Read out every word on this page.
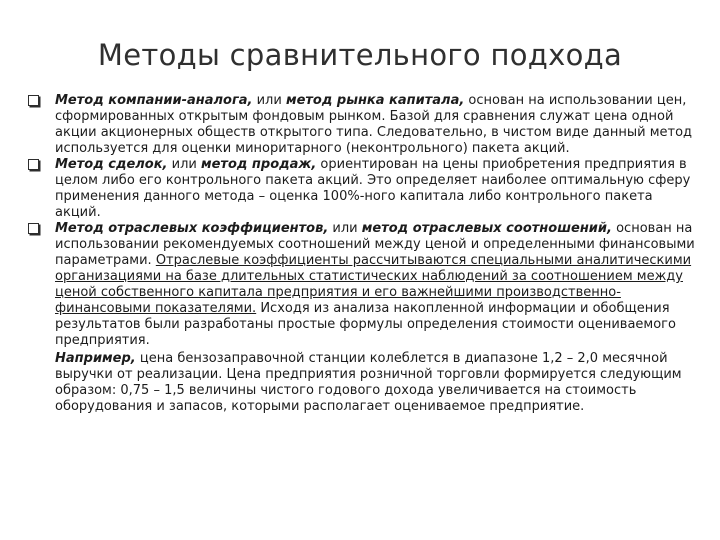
Методы сравнительного подхода
Метод компании-аналога, или метод рынка капитала, основан на использовании цен, сформированных открытым фондовым рынком. Базой для сравнения служат цена одной акции акционерных обществ открытого типа. Следовательно, в чистом виде данный метод используется для оценки миноритарного (неконтрольного) пакета акций.
Метод сделок, или метод продаж, ориентирован на цены приобретения предприятия в целом либо его контрольного пакета акций. Это определяет наиболее оптимальную сферу применения данного метода – оценка 100%-ного капитала либо контрольного пакета акций.
Метод отраслевых коэффициентов, или метод отраслевых соотношений, основан на использовании рекомендуемых соотношений между ценой и определенными финансовыми параметрами. Отраслевые коэффициенты рассчитываются специальными аналитическими организациями на базе длительных статистических наблюдений за соотношением между ценой собственного капитала предприятия и его важнейшими производственно-финансовыми показателями. Исходя из анализа накопленной информации и обобщения результатов были разработаны простые формулы определения стоимости оцениваемого предприятия.
Например, цена бензозаправочной станции колеблется в диапазоне 1,2 – 2,0 месячной выручки от реализации. Цена предприятия розничной торговли формируется следующим образом: 0,75 – 1,5 величины чистого годового дохода увеличивается на стоимость оборудования и запасов, которыми располагает оцениваемое предприятие.
